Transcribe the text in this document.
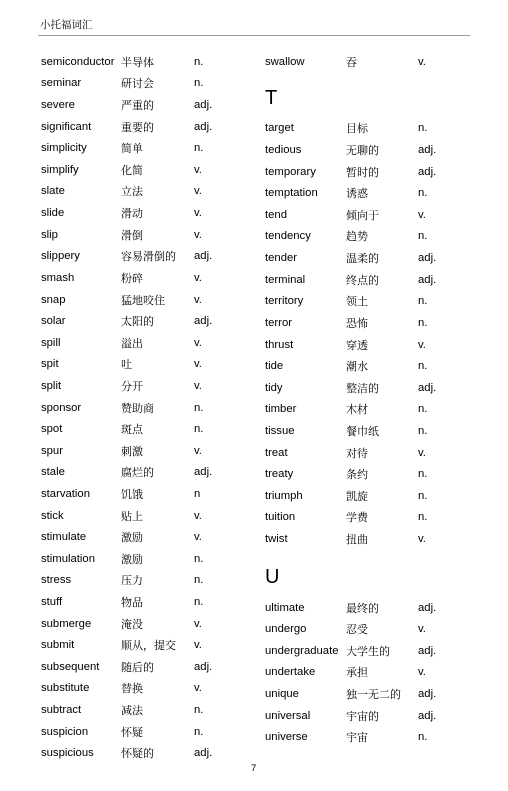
小托福词汇
semiconductor 半导体	n.
seminar	研讨会	n.
severe	严重的	adj.
significant	重要的	adj.
simplicity	简单	n.
simplify	化简	v.
slate	立法	v.
slide	滑动	v.
slip	滑倒	v.
slippery	容易滑倒的 adj.
smash	粉碎	v.
snap	猛地咬住	v.
solar	太阳的	adj.
spill	溢出	v.
spit	吐	v.
split	分开	v.
sponsor	赞助商	n.
spot	斑点	n.
spur	刺激	v.
stale	腐烂的	adj.
starvation	饥饿	n
stick	贴上	v.
stimulate	激励	v.
stimulation 激励	n.
stress	压力	n.
stuff	物品	n.
submerge	淹没	v.
submit	顺从，提交 v.
subsequent 随后的	adj.
substitute	替换	v.
subtract	减法	n.
suspicion	怀疑	n.
suspicious 怀疑的	adj.
swallow	吞	v.
T
target	目标	n.
tedious	无聊的	adj.
temporary	暂时的	adj.
temptation	诱惑	n.
tend	倾向于	v.
tendency	趋势	n.
tender	温柔的	adj.
terminal	终点的	adj.
territory	领土	n.
terror	恐怖	n.
thrust	穿透	v.
tide	潮水	n.
tidy	整洁的	adj.
timber	木材	n.
tissue	餐巾纸	n.
treat	对待	v.
treaty	条约	n.
triumph	凯旋	n.
tuition	学费	n.
twist	扭曲	v.
U
ultimate	最终的	adj.
undergo	忍受	v.
undergraduate 大学生的 adj.
undertake	承担	v.
unique	独一无二的 adj.
universal	宇宙的	adj.
universe	宇宙	n.
7
